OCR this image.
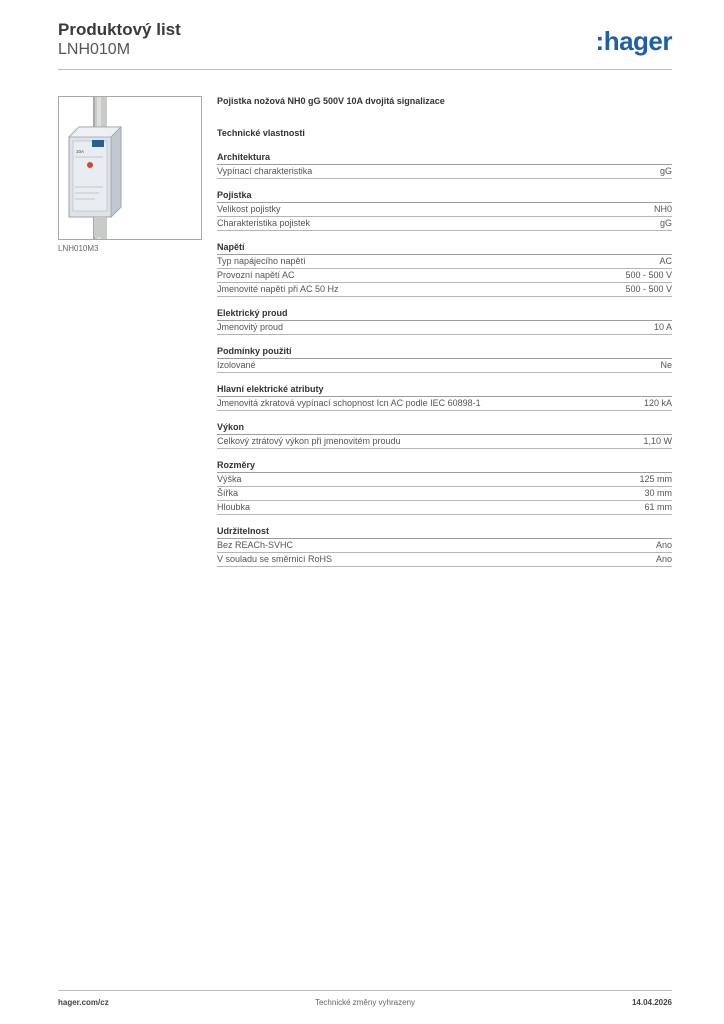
Produktový list
LNH010M	:hager
10A
LNH010M3
Pojistka nožová NH0 gG 500V 10A dvojitá signalizace
Technické vlastnosti
Architektura
Vypínací charakteristika	gG
Pojistka
Velikost pojistky	NH0
Charakteristika pojistek	gG
Napětí
Typ napájecího napětí	AC
Provozní napětí AC	500 - 500 V
Jmenovité napětí při AC 50 Hz	500 - 500 V
Elektrický proud
Jmenovitý proud	10 A
Podmínky použití
Izolované	Ne
Hlavní elektrické atributy
Jmenovitá zkratová vypínací schopnost Icn AC podle IEC 60898-1	120 kA
Výkon
Celkový ztrátový výkon při jmenovitém proudu	1,10 W
Rozměry
Výška	125 mm
Šířka	30 mm
Hloubka	61 mm
Udržitelnost
Bez REACh-SVHC	Ano
V souladu se směrnicí RoHS	Ano
hager.com/cz	Technické změny vyhrazeny	14.04.2026
